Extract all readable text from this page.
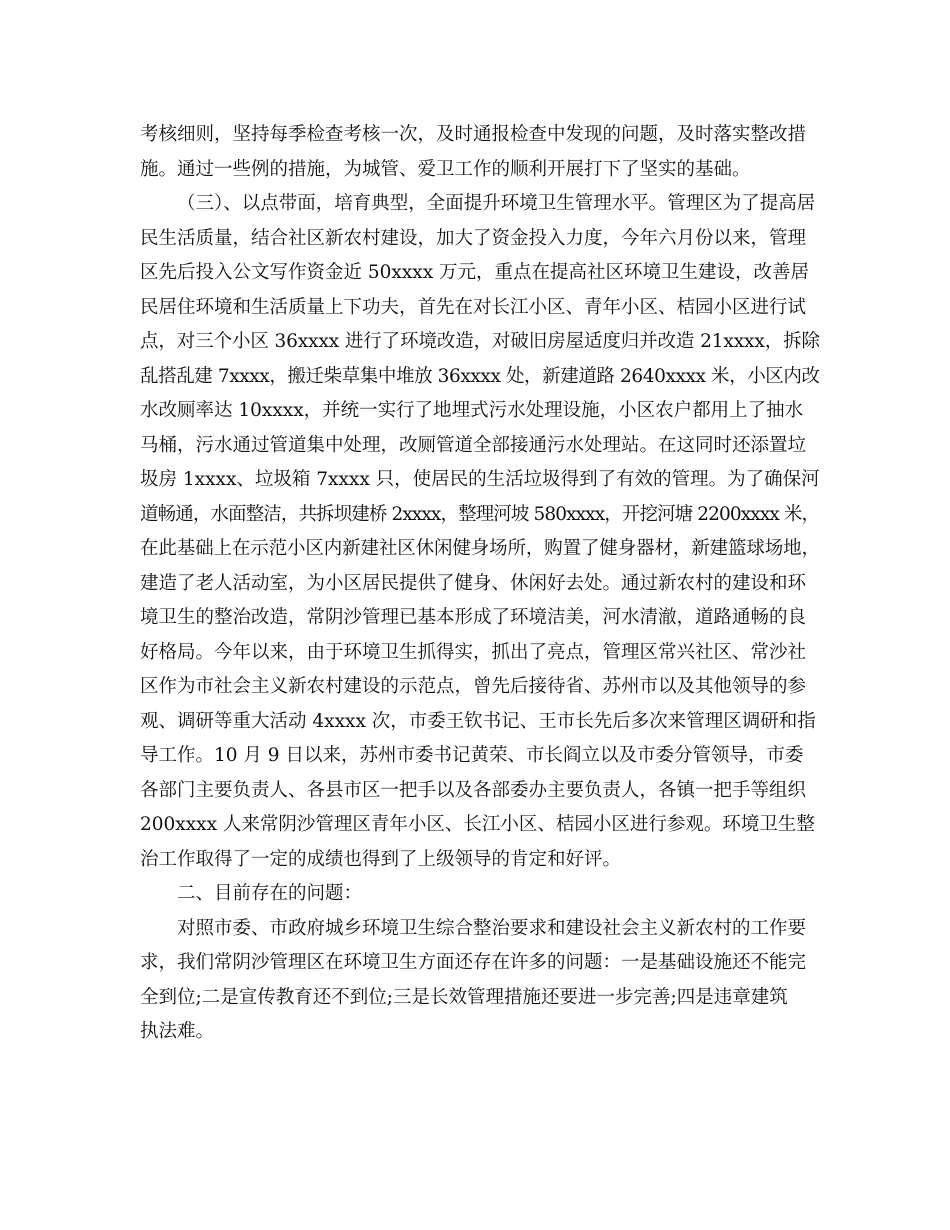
考核细则，坚持每季检查考核一次，及时通报检查中发现的问题，及时落实整改措
施。通过一些例的措施，为城管、爱卫工作的顺利开展打下了坚实的基础。
（三）、以点带面，培育典型，全面提升环境卫生管理水平。管理区为了提高居
民生活质量，结合社区新农村建设，加大了资金投入力度，今年六月份以来，管理
区先后投入公文写作资金近 50xxxx 万元，重点在提高社区环境卫生建设，改善居
民居住环境和生活质量上下功夫，首先在对长江小区、青年小区、桔园小区进行试
点，对三个小区 36xxxx 进行了环境改造，对破旧房屋适度归并改造 21xxxx，拆除
乱搭乱建 7xxxx，搬迁柴草集中堆放 36xxxx 处，新建道路 2640xxxx 米，小区内改
水改厕率达 10xxxx，并统一实行了地埋式污水处理设施，小区农户都用上了抽水
马桶，污水通过管道集中处理，改厕管道全部接通污水处理站。在这同时还添置垃
圾房 1xxxx、垃圾箱 7xxxx 只，使居民的生活垃圾得到了有效的管理。为了确保河
道畅通，水面整洁，共拆坝建桥 2xxxx，整理河坡 580xxxx，开挖河塘 2200xxxx 米，
在此基础上在示范小区内新建社区休闲健身场所，购置了健身器材，新建篮球场地，
建造了老人活动室，为小区居民提供了健身、休闲好去处。通过新农村的建设和环
境卫生的整治改造，常阴沙管理已基本形成了环境洁美，河水清澈，道路通畅的良
好格局。今年以来，由于环境卫生抓得实，抓出了亮点，管理区常兴社区、常沙社
区作为市社会主义新农村建设的示范点，曾先后接待省、苏州市以及其他领导的参
观、调研等重大活动 4xxxx 次，市委王钦书记、王市长先后多次来管理区调研和指
导工作。10 月 9 日以来，苏州市委书记黄荣、市长阎立以及市委分管领导，市委
各部门主要负责人、各县市区一把手以及各部委办主要负责人，各镇一把手等组织
200xxxx 人来常阴沙管理区青年小区、长江小区、桔园小区进行参观。环境卫生整
治工作取得了一定的成绩也得到了上级领导的肯定和好评。
二、目前存在的问题：
对照市委、市政府城乡环境卫生综合整治要求和建设社会主义新农村的工作要
求，我们常阴沙管理区在环境卫生方面还存在许多的问题：一是基础设施还不能完
全到位;二是宣传教育还不到位;三是长效管理措施还要进一步完善;四是违章建筑
执法难。
